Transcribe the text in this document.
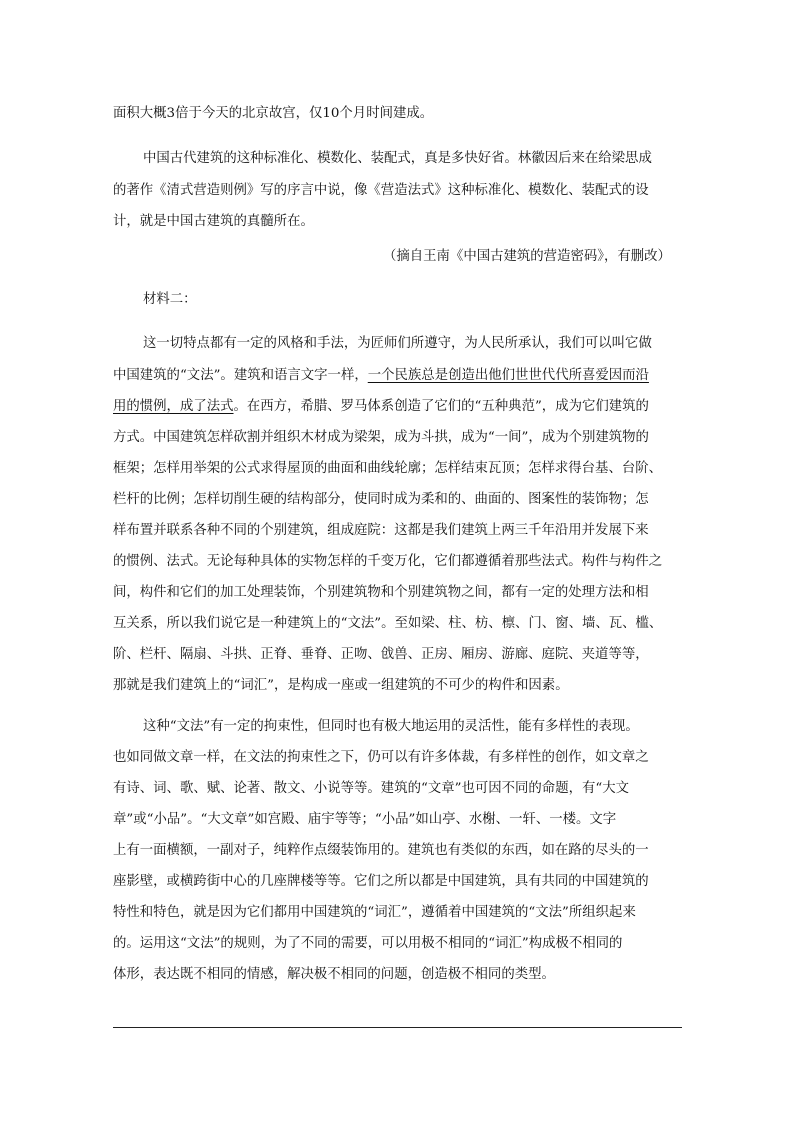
面积大概3倍于今天的北京故宫，仅10个月时间建成。
中国古代建筑的这种标准化、模数化、装配式，真是多快好省。林徽因后来在给梁思成
的著作《清式营造则例》写的序言中说，像《营造法式》这种标准化、模数化、装配式的设
计，就是中国古建筑的真髓所在。
（摘自王南《中国古建筑的营造密码》，有删改）
材料二：
这一切特点都有一定的风格和手法，为匠师们所遵守，为人民所承认，我们可以叫它做
中国建筑的“文法”。建筑和语言文字一样，一个民族总是创造出他们世世代代所喜爱因而沿
用的惯例，成了法式。在西方，希腊、罗马体系创造了它们的“五种典范”，成为它们建筑的
方式。中国建筑怎样砍割并组织木材成为梁架，成为斗拱，成为“一间”，成为个别建筑物的
框架；怎样用举架的公式求得屋顶的曲面和曲线轮廓；怎样结束瓦顶；怎样求得台基、台阶、
栏杆的比例；怎样切削生硬的结构部分，使同时成为柔和的、曲面的、图案性的装饰物；怎
样布置并联系各种不同的个别建筑，组成庭院：这都是我们建筑上两三千年沿用并发展下来
的惯例、法式。无论每种具体的实物怎样的千变万化，它们都遵循着那些法式。构件与构件之
间，构件和它们的加工处理装饰，个别建筑物和个别建筑物之间，都有一定的处理方法和相
互关系，所以我们说它是一种建筑上的“文法”。至如梁、柱、枋、檩、门、窗、墙、瓦、槛、
阶、栏杆、隔扇、斗拱、正脊、垂脊、正吻、戗兽、正房、厢房、游廊、庭院、夹道等等，
那就是我们建筑上的“词汇”，是构成一座或一组建筑的不可少的构件和因素。
这种“文法”有一定的拘束性，但同时也有极大地运用的灵活性，能有多样性的表现。
也如同做文章一样，在文法的拘束性之下，仍可以有许多体裁，有多样性的创作，如文章之
有诗、词、歌、赋、论著、散文、小说等等。建筑的“文章”也可因不同的命题，有“大文
章”或“小品”。“大文章”如宫殿、庙宇等等；“小品”如山亭、水榭、一轩、一楼。文字
上有一面横额，一副对子，纯粹作点缀装饰用的。建筑也有类似的东西，如在路的尽头的一
座影壁，或横跨街中心的几座牌楼等等。它们之所以都是中国建筑，具有共同的中国建筑的
特性和特色，就是因为它们都用中国建筑的“词汇”，遵循着中国建筑的“文法”所组织起来
的。运用这“文法”的规则，为了不同的需要，可以用极不相同的“词汇”构成极不相同的
体形，表达既不相同的情感，解决极不相同的问题，创造极不相同的类型。
